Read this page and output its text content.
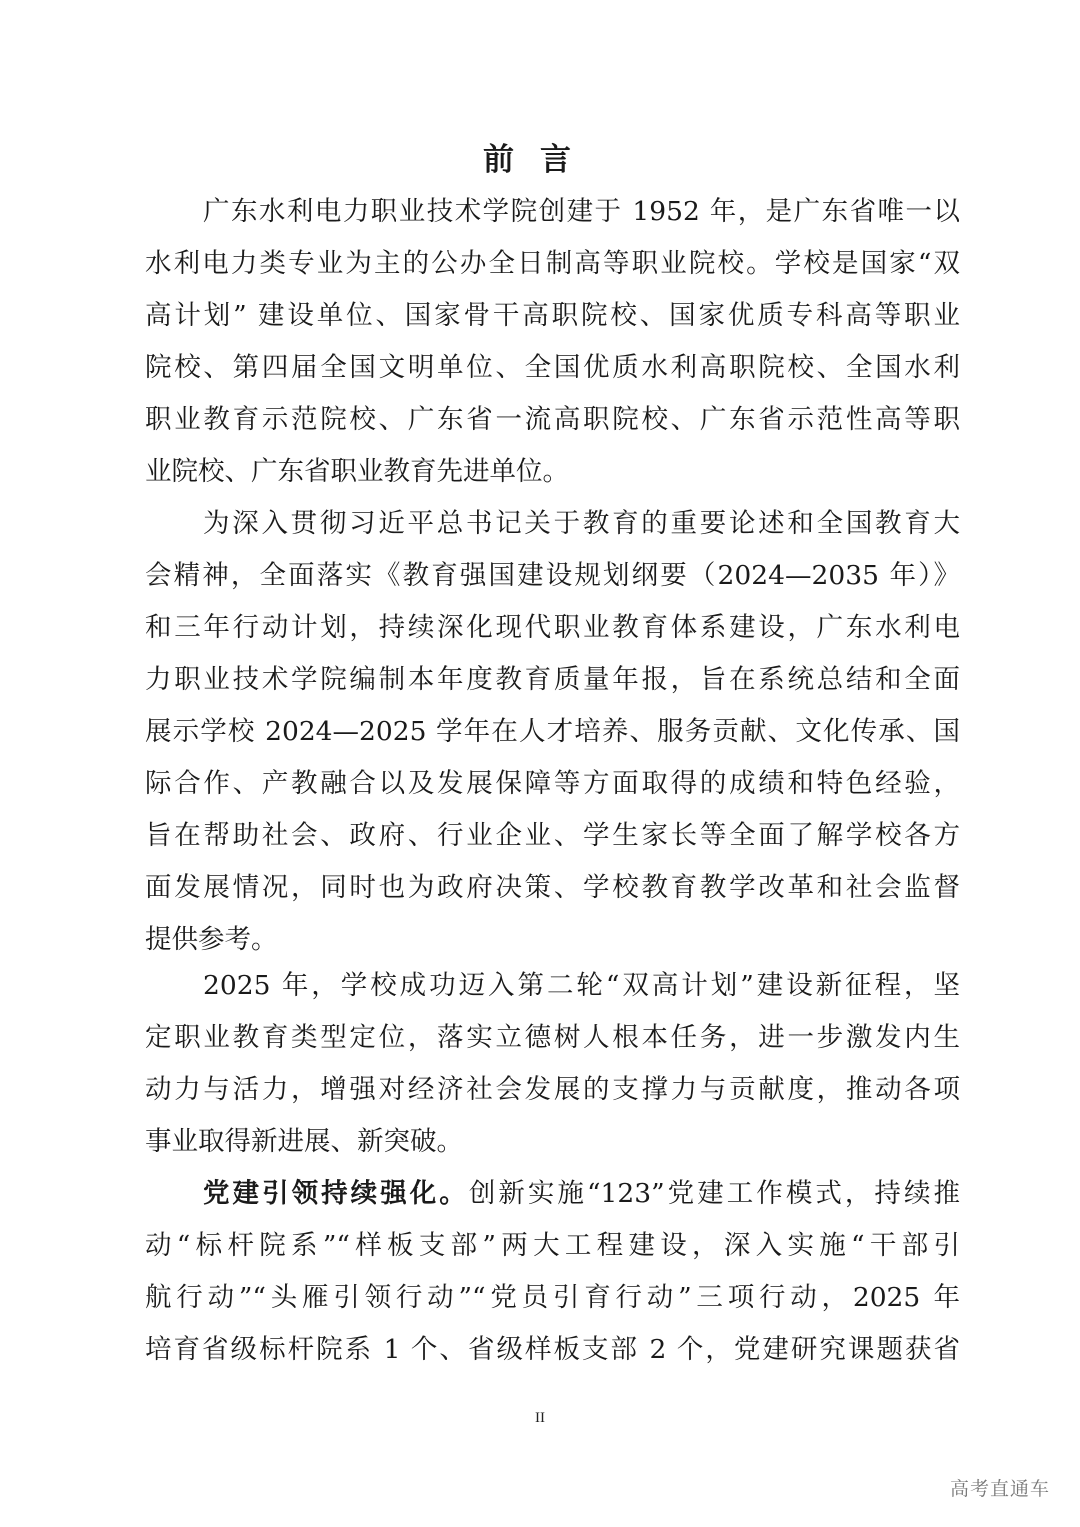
前言
广东水利电力职业技术学院创建于 1952 年，是广东省唯一以
水利电力类专业为主的公办全日制高等职业院校。学校是国家“双
高计划” 建设单位、国家骨干高职院校、国家优质专科高等职业
院校、第四届全国文明单位、全国优质水利高职院校、全国水利
职业教育示范院校、广东省一流高职院校、广东省示范性高等职
业院校、广东省职业教育先进单位。
为深入贯彻习近平总书记关于教育的重要论述和全国教育大
会精神，全面落实《教育强国建设规划纲要（2024—2035 年）》
和三年行动计划，持续深化现代职业教育体系建设，广东水利电
力职业技术学院编制本年度教育质量年报，旨在系统总结和全面
展示学校 2024—2025 学年在人才培养、服务贡献、文化传承、国
际合作、产教融合以及发展保障等方面取得的成绩和特色经验，
旨在帮助社会、政府、行业企业、学生家长等全面了解学校各方
面发展情况，同时也为政府决策、学校教育教学改革和社会监督
提供参考。
2025 年，学校成功迈入第二轮“双高计划”建设新征程，坚
定职业教育类型定位，落实立德树人根本任务，进一步激发内生
动力与活力，增强对经济社会发展的支撑力与贡献度，推动各项
事业取得新进展、新突破。
党建引领持续强化。创新实施“123”党建工作模式，持续推
动“标杆院系”“样板支部”两大工程建设，深入实施“干部引
航行动”“头雁引领行动”“党员引育行动”三项行动，2025 年
培育省级标杆院系 1 个、省级样板支部 2 个，党建研究课题获省
II
高考直通车
